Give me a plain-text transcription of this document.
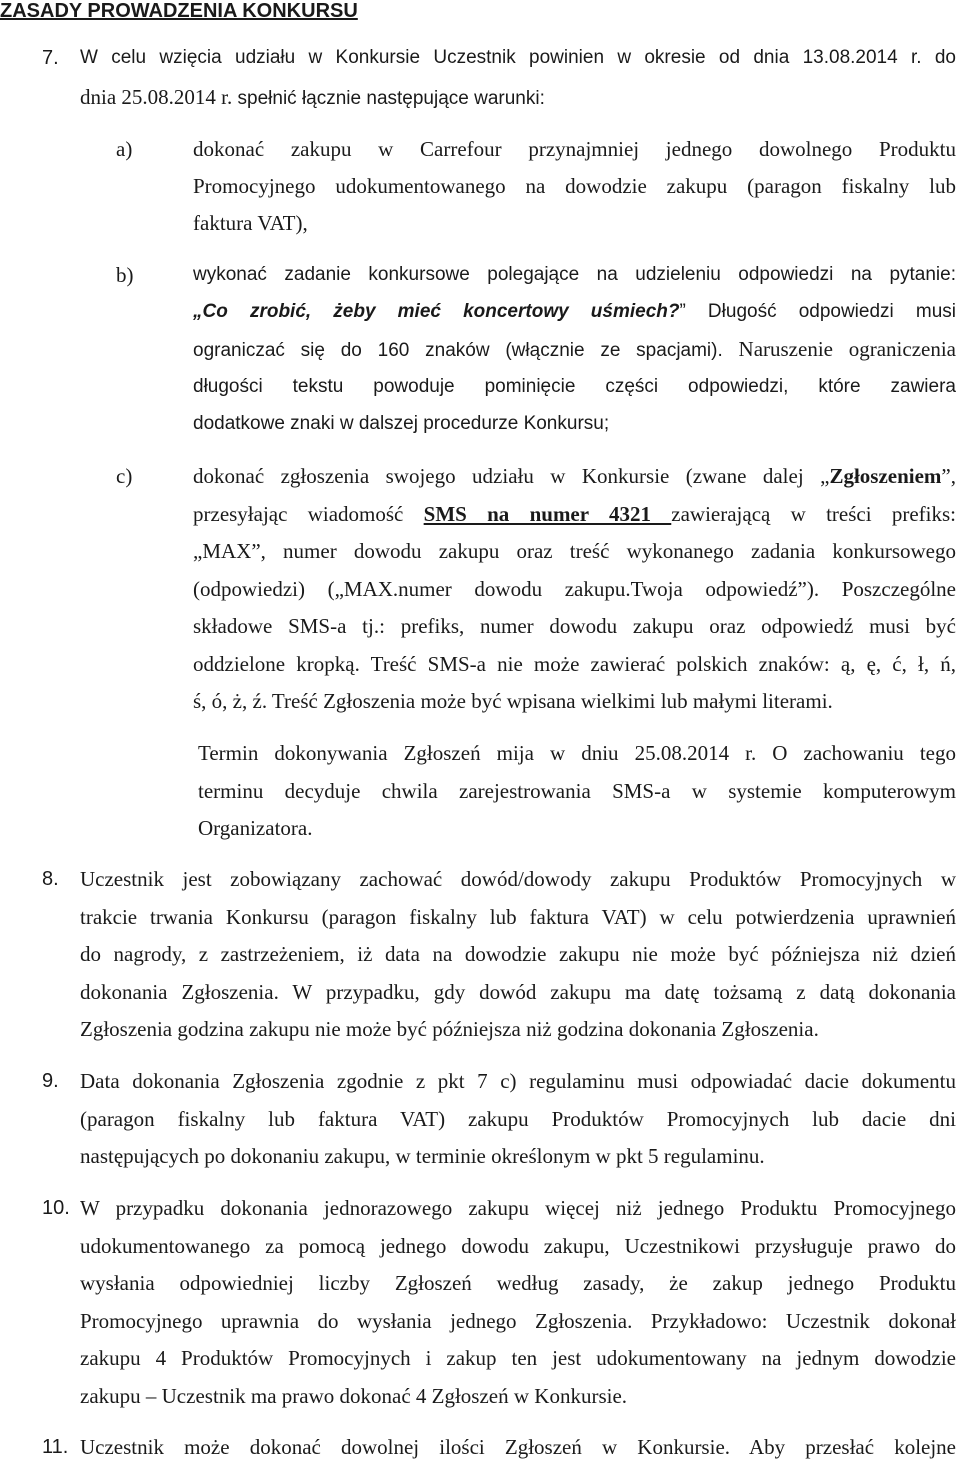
ZASADY PROWADZENIA KONKURSU
7. W celu wzięcia udziału w Konkursie Uczestnik powinien w okresie od dnia 13.08.2014 r. do
dnia 25.08.2014 r. spełnić łącznie następujące warunki:
a)	dokonać zakupu w Carrefour przynajmniej jednego dowolnego Produktu
Promocyjnego udokumentowanego na dowodzie zakupu (paragon fiskalny lub
faktura VAT),
b)	wykonać zadanie konkursowe polegające na udzieleniu odpowiedzi na pytanie:
„Co zrobić, żeby mieć koncertowy uśmiech?” Długość odpowiedzi musi
ograniczać się do 160 znaków (włącznie ze spacjami). Naruszenie ograniczenia
długości tekstu powoduje pominięcie części odpowiedzi, które zawiera
dodatkowe znaki w dalszej procedurze Konkursu;
c)	dokonać zgłoszenia swojego udziału w Konkursie (zwane dalej „Zgłoszeniem”,
przesyłając wiadomość SMS na numer 4321 zawierającą w treści prefiks:
„MAX”, numer dowodu zakupu oraz treść wykonanego zadania konkursowego
(odpowiedzi) („MAX.numer dowodu zakupu.Twoja odpowiedź”). Poszczególne
składowe SMS-a tj.: prefiks, numer dowodu zakupu oraz odpowiedź musi być
oddzielone kropką. Treść SMS-a nie może zawierać polskich znaków: ą, ę, ć, ł, ń,
ś, ó, ż, ź. Treść Zgłoszenia może być wpisana wielkimi lub małymi literami.
Termin dokonywania Zgłoszeń mija w dniu 25.08.2014 r. O zachowaniu tego
terminu decyduje chwila zarejestrowania SMS-a w systemie komputerowym
Organizatora.
8. Uczestnik jest zobowiązany zachować dowód/dowody zakupu Produktów Promocyjnych w
trakcie trwania Konkursu (paragon fiskalny lub faktura VAT) w celu potwierdzenia uprawnień
do nagrody, z zastrzeżeniem, iż data na dowodzie zakupu nie może być późniejsza niż dzień
dokonania Zgłoszenia. W przypadku, gdy dowód zakupu ma datę tożsamą z datą dokonania
Zgłoszenia godzina zakupu nie może być późniejsza niż godzina dokonania Zgłoszenia.
9. Data dokonania Zgłoszenia zgodnie z pkt 7 c) regulaminu musi odpowiadać dacie dokumentu
(paragon fiskalny lub faktura VAT) zakupu Produktów Promocyjnych lub dacie dni
następujących po dokonaniu zakupu, w terminie określonym w pkt 5 regulaminu.
10. W przypadku dokonania jednorazowego zakupu więcej niż jednego Produktu Promocyjnego
udokumentowanego za pomocą jednego dowodu zakupu, Uczestnikowi przysługuje prawo do
wysłania odpowiedniej liczby Zgłoszeń według zasady, że zakup jednego Produktu
Promocyjnego uprawnia do wysłania jednego Zgłoszenia. Przykładowo: Uczestnik dokonał
zakupu 4 Produktów Promocyjnych i zakup ten jest udokumentowany na jednym dowodzie
zakupu – Uczestnik ma prawo dokonać 4 Zgłoszeń w Konkursie.
11. Uczestnik może dokonać dowolnej ilości Zgłoszeń w Konkursie. Aby przesłać kolejne
